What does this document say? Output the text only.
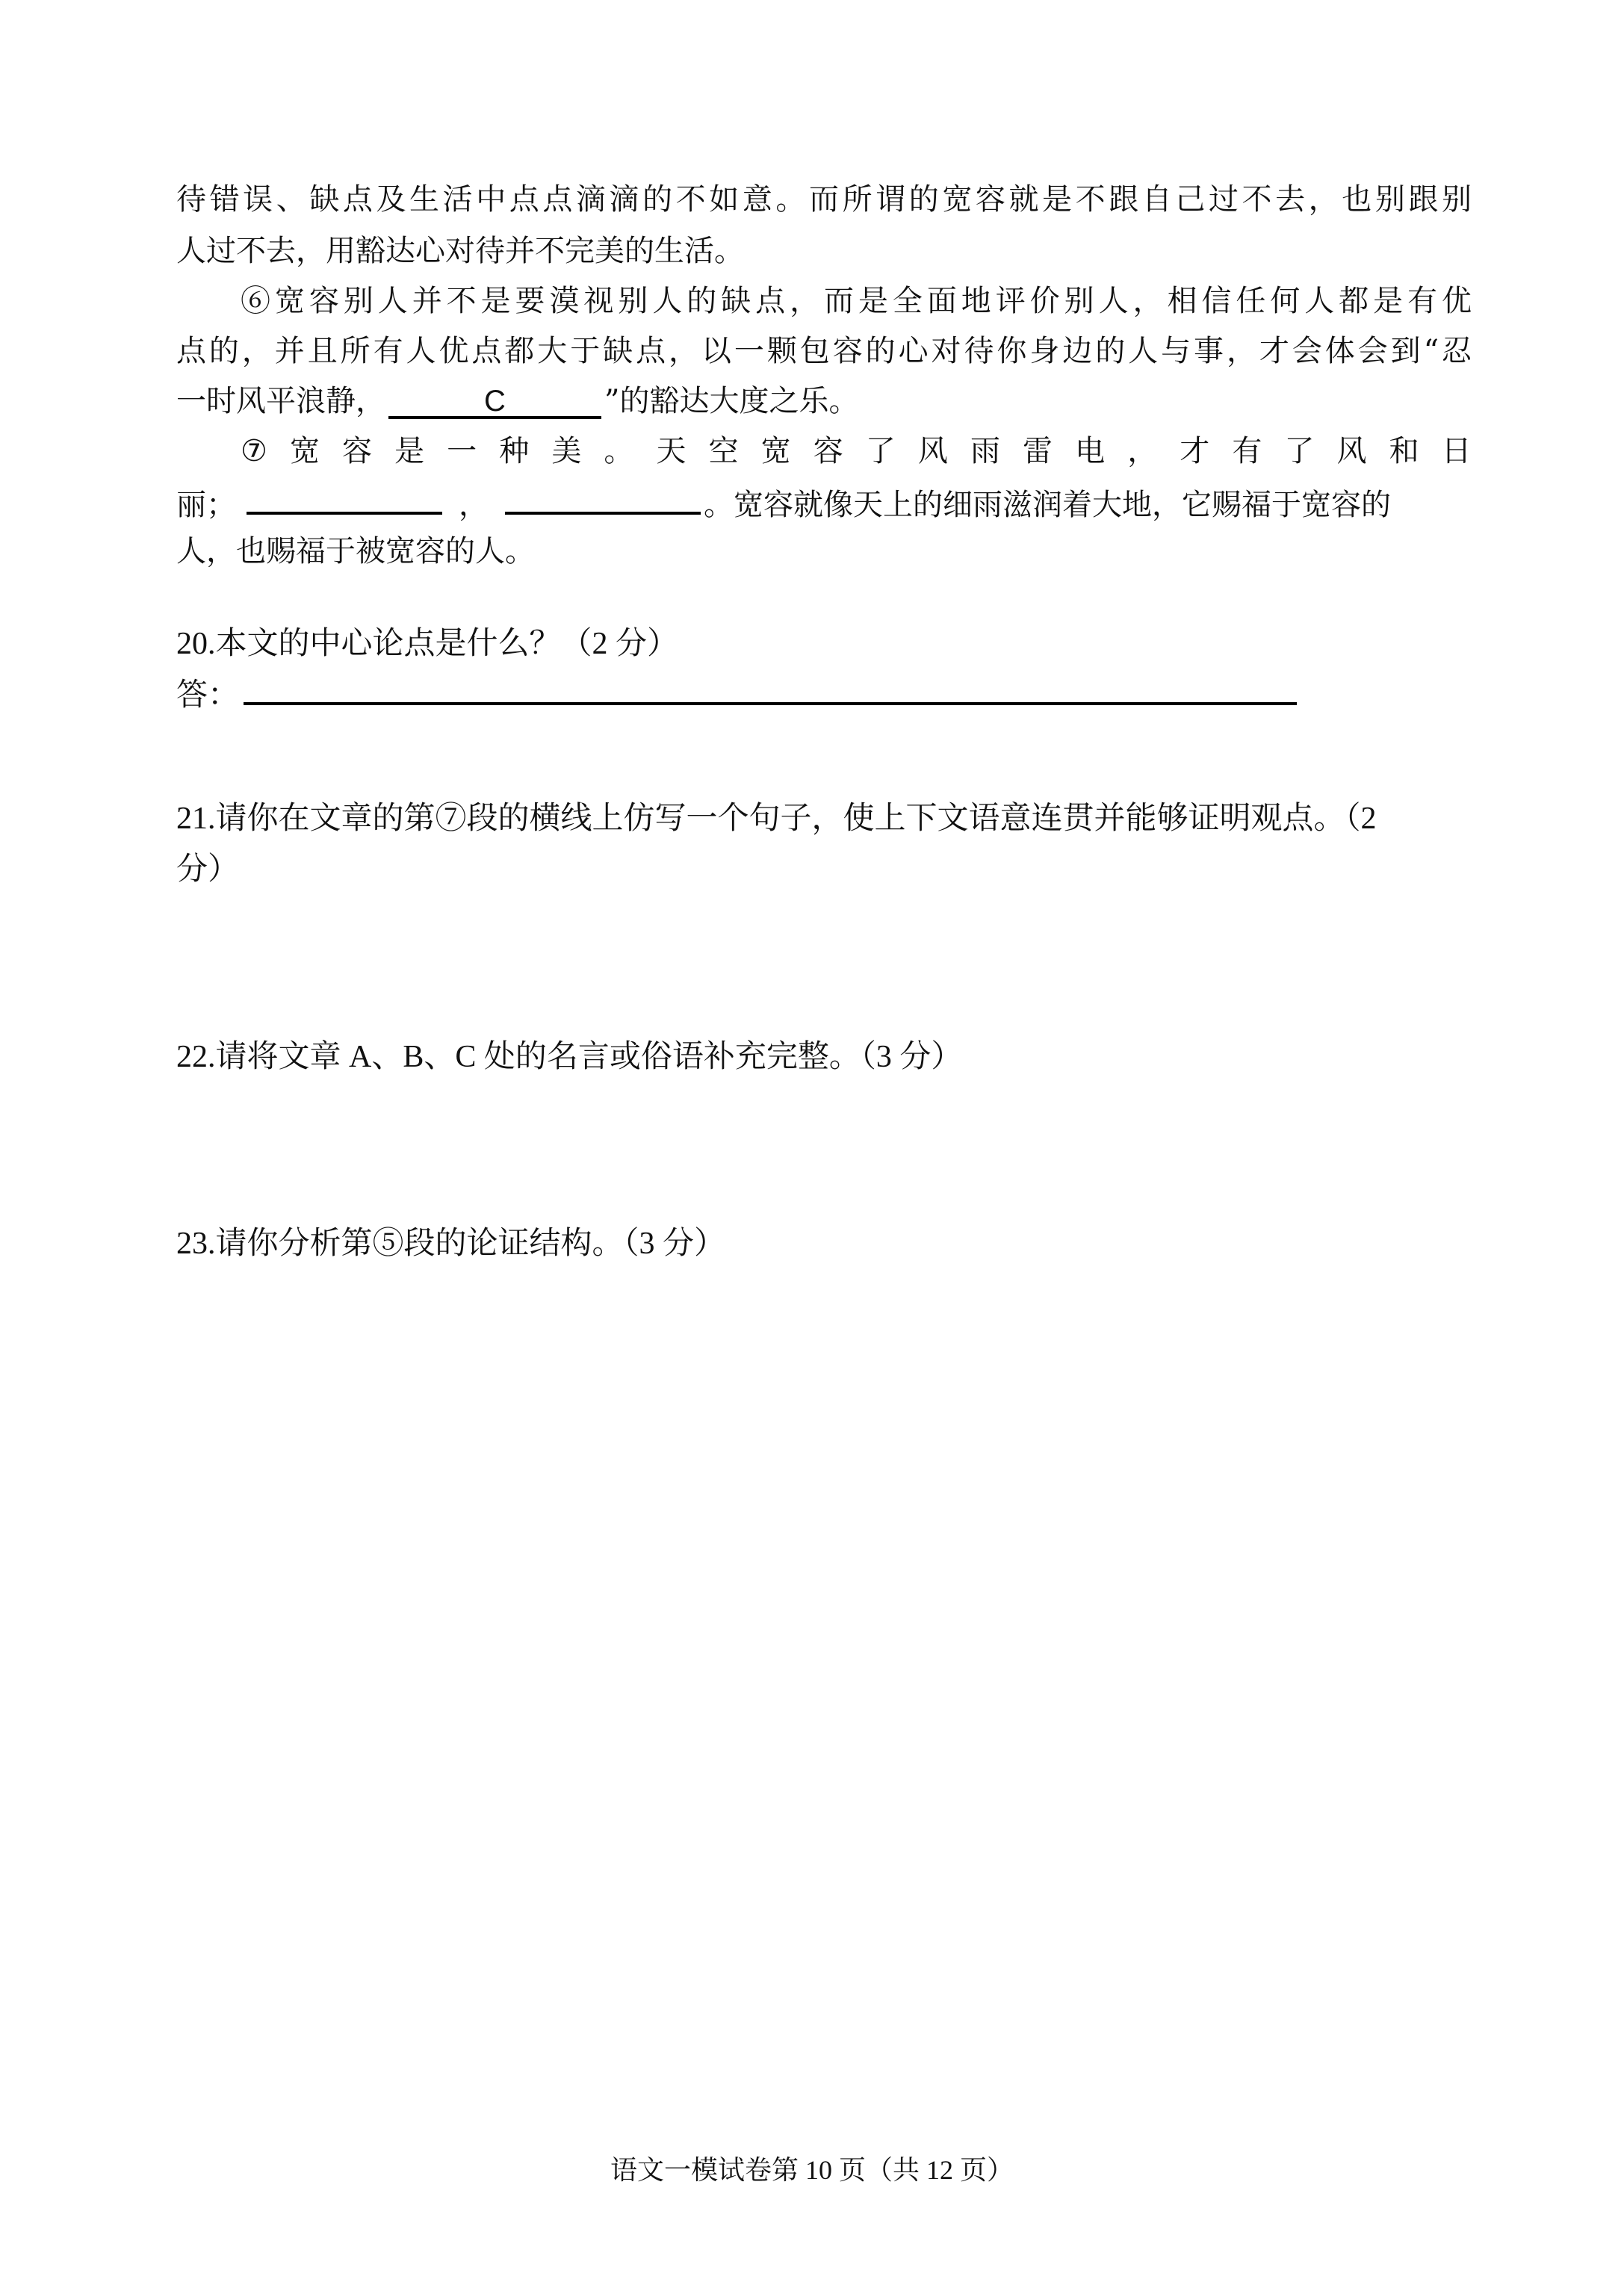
待错误、缺点及生活中点点滴滴的不如意。而所谓的宽容就是不跟自己过不去，也别跟别
人过不去，用豁达心对待并不完美的生活。
⑥宽容别人并不是要漠视别人的缺点，而是全面地评价别人，相信任何人都是有优
点的，并且所有人优点都大于缺点，以一颗包容的心对待你身边的人与事，才会体会到“忍
一时风平浪静，	C	”的豁达大度之乐。
⑦ 宽 容 是 一 种 美 。 天 空 宽 容 了 风 雨 雷 电 ， 才 有 了 风 和 日
丽；	，	。宽容就像天上的细雨滋润着大地，它赐福于宽容的
人，也赐福于被宽容的人。
20.本文的中心论点是什么？（2 分）
答：
21.请你在文章的第⑦段的横线上仿写一个句子，使上下文语意连贯并能够证明观点。（2
分）
22.请将文章 A、B、C 处的名言或俗语补充完整。（3 分）
23.请你分析第⑤段的论证结构。（3 分）
语文一模试卷第 10 页（共 12 页）
